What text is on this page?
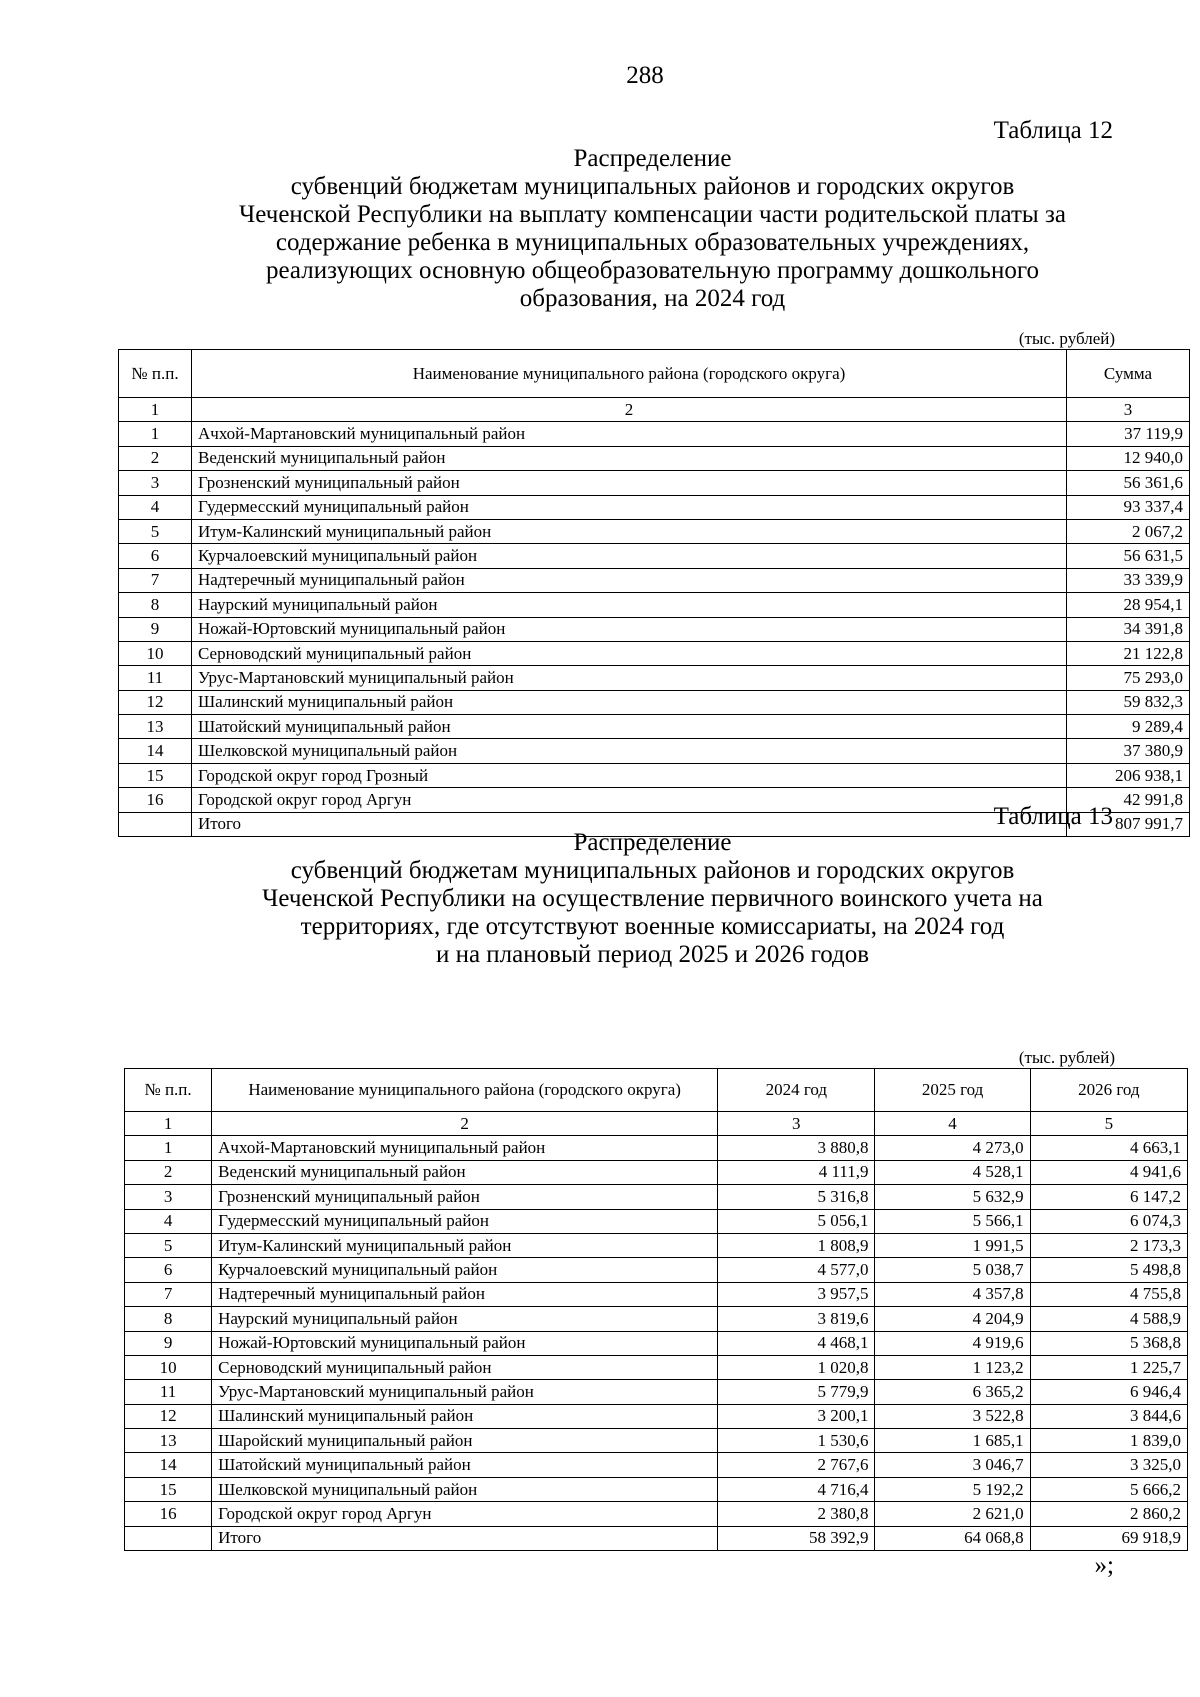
288
Таблица 12
Распределение
субвенций бюджетам муниципальных районов и городских округов
Чеченской Республики на выплату компенсации части родительской платы за
содержание ребенка в муниципальных образовательных учреждениях,
реализующих основную общеобразовательную программу дошкольного
образования, на 2024 год
(тыс. рублей)
№ п.п.	Наименование муниципального района (городского округа)	Сумма
1	2	3
1	Ачхой-Мартановский муниципальный район	37 119,9
2	Веденский муниципальный район	12 940,0
3	Грозненский муниципальный район	56 361,6
4	Гудермесский муниципальный район	93 337,4
5	Итум-Калинский муниципальный район	2 067,2
6	Курчалоевский муниципальный район	56 631,5
7	Надтеречный муниципальный район	33 339,9
8	Наурский муниципальный район	28 954,1
9	Ножай-Юртовский муниципальный район	34 391,8
10	Серноводский муниципальный район	21 122,8
11	Урус-Мартановский муниципальный район	75 293,0
12	Шалинский муниципальный район	59 832,3
13	Шатойский муниципальный район	9 289,4
14	Шелковской муниципальный район	37 380,9
15	Городской округ город Грозный	206 938,1
16	Городской округ город Аргун	42 991,8
	Итого	807 991,7
Таблица 13
Распределение
субвенций бюджетам муниципальных районов и городских округов
Чеченской Республики на осуществление первичного воинского учета на
территориях, где отсутствуют военные комиссариаты, на 2024 год
и на плановый период 2025 и 2026 годов
(тыс. рублей)
№ п.п.	Наименование муниципального района (городского округа)	2024 год	2025 год	2026 год
1	2	3	4	5
1	Ачхой-Мартановский муниципальный район	3 880,8	4 273,0	4 663,1
2	Веденский муниципальный район	4 111,9	4 528,1	4 941,6
3	Грозненский муниципальный район	5 316,8	5 632,9	6 147,2
4	Гудермесский муниципальный район	5 056,1	5 566,1	6 074,3
5	Итум-Калинский муниципальный район	1 808,9	1 991,5	2 173,3
6	Курчалоевский муниципальный район	4 577,0	5 038,7	5 498,8
7	Надтеречный муниципальный район	3 957,5	4 357,8	4 755,8
8	Наурский муниципальный район	3 819,6	4 204,9	4 588,9
9	Ножай-Юртовский муниципальный район	4 468,1	4 919,6	5 368,8
10	Серноводский муниципальный район	1 020,8	1 123,2	1 225,7
11	Урус-Мартановский муниципальный район	5 779,9	6 365,2	6 946,4
12	Шалинский муниципальный район	3 200,1	3 522,8	3 844,6
13	Шаройский муниципальный район	1 530,6	1 685,1	1 839,0
14	Шатойский муниципальный район	2 767,6	3 046,7	3 325,0
15	Шелковской муниципальный район	4 716,4	5 192,2	5 666,2
16	Городской округ город Аргун	2 380,8	2 621,0	2 860,2
	Итого	58 392,9	64 068,8	69 918,9
»;
